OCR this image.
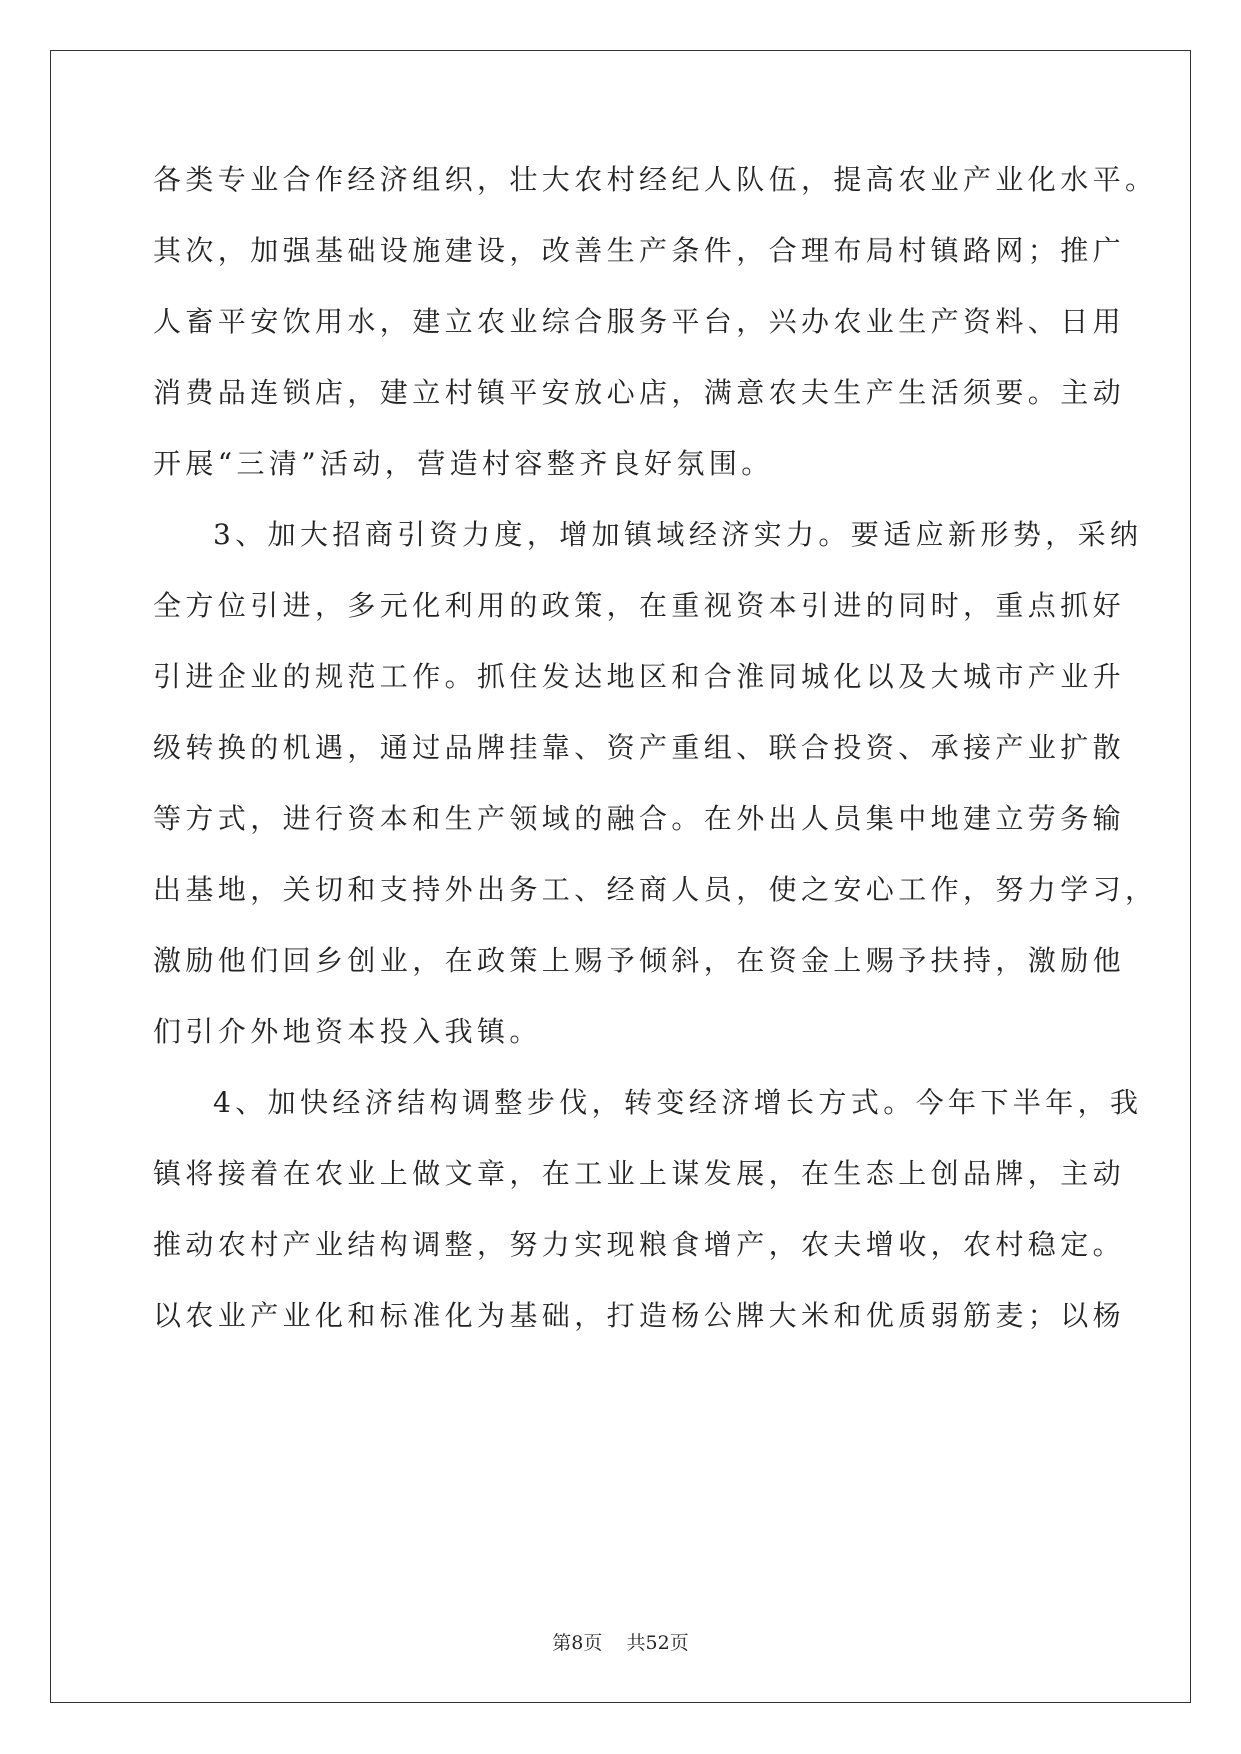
各类专业合作经济组织，壮大农村经纪人队伍，提高农业产业化水平。
其次，加强基础设施建设，改善生产条件，合理布局村镇路网；推广
人畜平安饮用水，建立农业综合服务平台，兴办农业生产资料、日用
消费品连锁店，建立村镇平安放心店，满意农夫生产生活须要。主动
开展“三清”活动，营造村容整齐良好氛围。
3、加大招商引资力度，增加镇域经济实力。要适应新形势，采纳
全方位引进，多元化利用的政策，在重视资本引进的同时，重点抓好
引进企业的规范工作。抓住发达地区和合淮同城化以及大城市产业升
级转换的机遇，通过品牌挂靠、资产重组、联合投资、承接产业扩散
等方式，进行资本和生产领域的融合。在外出人员集中地建立劳务输
出基地，关切和支持外出务工、经商人员，使之安心工作，努力学习，
激励他们回乡创业，在政策上赐予倾斜，在资金上赐予扶持，激励他
们引介外地资本投入我镇。
4、加快经济结构调整步伐，转变经济增长方式。今年下半年，我
镇将接着在农业上做文章，在工业上谋发展，在生态上创品牌，主动
推动农村产业结构调整，努力实现粮食增产，农夫增收，农村稳定。
以农业产业化和标准化为基础，打造杨公牌大米和优质弱筋麦；以杨
第8页 共52页
